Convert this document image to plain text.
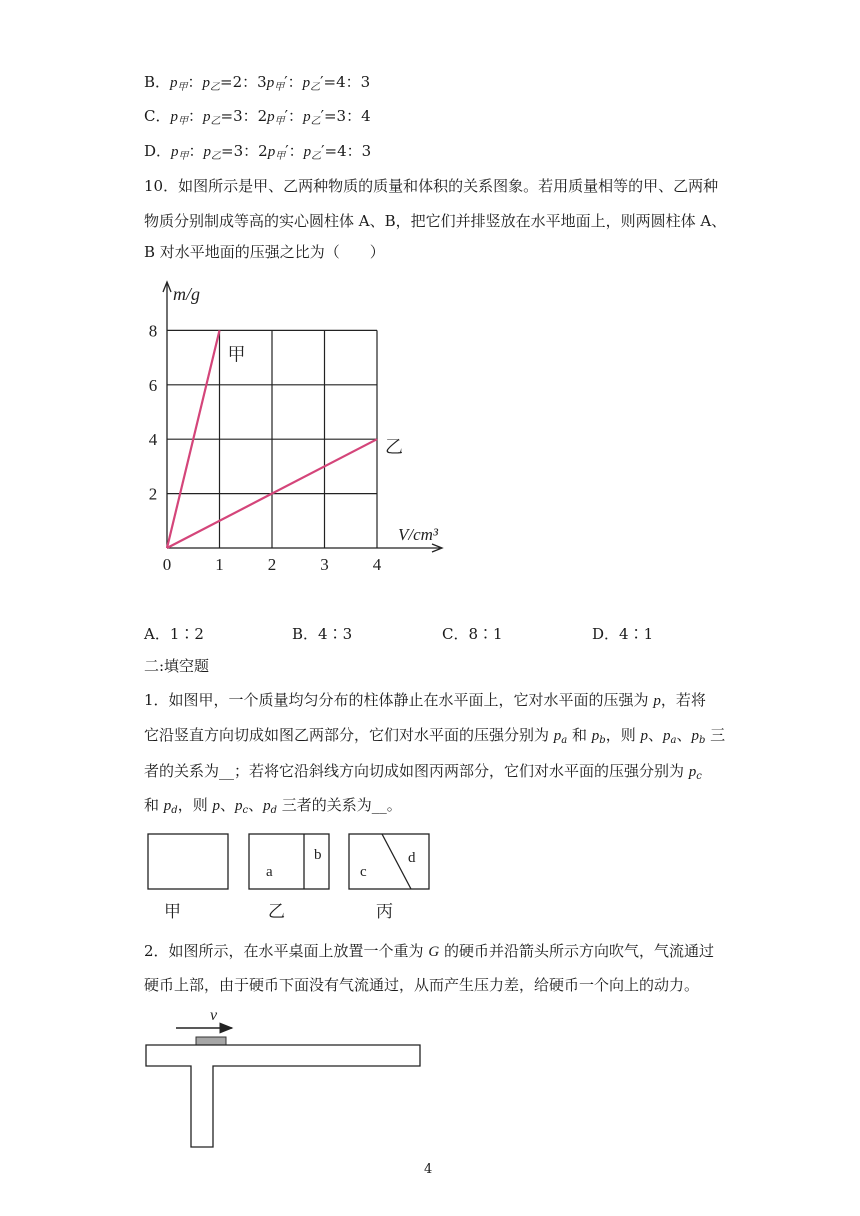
B．$p_甲$：$p_乙=2$：$3p_甲'$：$p_乙'=4$：3
C．$p_甲$：$p_乙=3$：$2p_甲'$：$p_乙'=3$：4
D．$p_甲$：$p_乙=3$：$2p_甲'$：$p_乙'=4$：3
10．如图所示是甲、乙两种物质的质量和体积的关系图象。若用质量相等的甲、乙两种
物质分别制成等高的实心圆柱体 A、B，把它们并排竖放在水平地面上，则两圆柱体 A、
B 对水平地面的压强之比为（　　）
0	1	2	3	4
2
4
6
8
m/g
V/cm³
甲
乙
A．1∶2	B．4∶3	C．8∶1	D．4∶1
二:填空题
1．如图甲，一个质量均匀分布的柱体静止在水平面上，它对水平面的压强为 p，若将
它沿竖直方向切成如图乙两部分，它们对水平面的压强分别为 $p_a$ 和 $p_b$，则 p、$p_a$、$p_b$ 三
者的关系为__；若将它沿斜线方向切成如图丙两部分，它们对水平面的压强分别为 $p_c$
和 $p_d$，则 p、$p_c$、$p_d$ 三者的关系为__。
a
b
c
d
甲	乙	丙
2．如图所示，在水平桌面上放置一个重为 G 的硬币并沿箭头所示方向吹气，气流通过
硬币上部，由于硬币下面没有气流通过，从而产生压力差，给硬币一个向上的动力。
v
4
